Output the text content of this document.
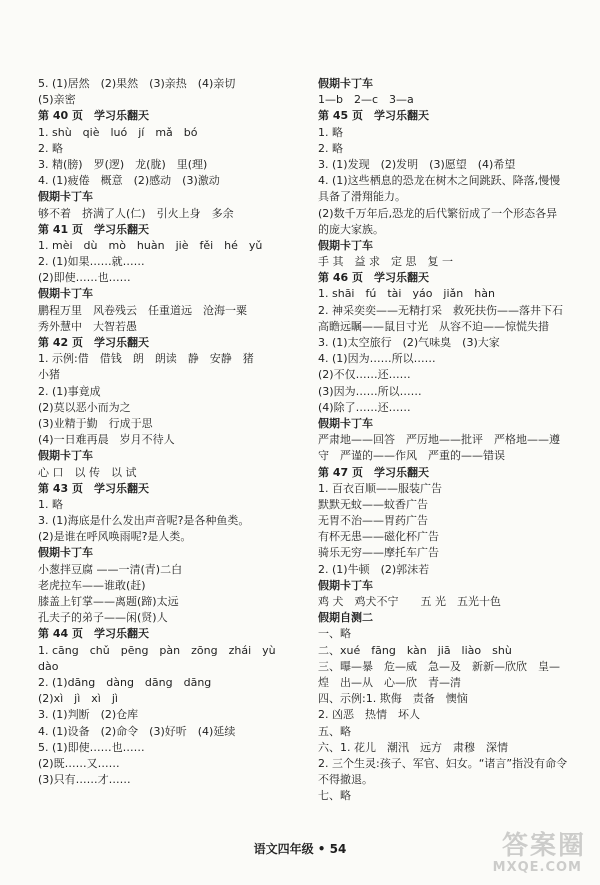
5. (1)居然　(2)果然　(3)亲热　(4)亲切
(5)亲密
第 40 页　学习乐翻天
1. shù　qiè　luó　jí　mǎ　bó
2. 略
3. 精(膀)　罗(逻)　龙(胧)　里(理)
4. (1)疲倦　概意　(2)感动　(3)激动
假期卡丁车
够不着　挤满了人(仁)　引火上身　多余
第 41 页　学习乐翻天
1. mèi　dù　mò　huàn　jiè　fěi　hé　yǔ
2. (1)如果……就……
(2)即使……也……
假期卡丁车
鹏程万里　风卷残云　任重道远　沧海一粟
秀外慧中　大智若愚
第 42 页　学习乐翻天
1. 示例:借　借钱　朗　朗读　静　安静　猪
小猪
2. (1)事竟成
(2)莫以恶小而为之
(3)业精于勤　行成于思
(4)一日难再晨　岁月不待人
假期卡丁车
心 口　以 传　以 试
第 43 页　学习乐翻天
1. 略
3. (1)海底是什么发出声音呢?是各种鱼类。
(2)是谁在呼风唤雨呢?是人类。
假期卡丁车
小葱拌豆腐 ——一清(青)二白
老虎拉车——谁敢(赶)
膝盖上钉掌——离题(蹄)太远
孔夫子的弟子——闲(贤)人
第 44 页　学习乐翻天
1. cāng　chǔ　pēng　pàn　zōng　zhái　yù
dào
2. (1)dāng　dàng　dāng　dāng
(2)xì　jì　xì　jì
3. (1)判断　(2)仓库
4. (1)设备　(2)命令　(3)好听　(4)延续
5. (1)即使……也……
(2)既……又……
(3)只有……才……
假期卡丁车
1—b　2—c　3—a
第 45 页　学习乐翻天
1. 略
2. 略
3. (1)发现　(2)发明　(3)愿望　(4)希望
4. (1)这些栖息的恐龙在树木之间跳跃、降落,慢慢
具备了滑翔能力。
(2)数千万年后,恐龙的后代繁衍成了一个形态各异
的庞大家族。
假期卡丁车
手 其　益 求　定 思　复 一
第 46 页　学习乐翻天
1. shāi　fú　tài　yáo　jiǎn　hàn
2. 神采奕奕——无精打采　救死扶伤——落井下石
高瞻远瞩——鼠目寸光　从容不迫——惊慌失措
3. (1)太空旅行　(2)气味臭　(3)大家
4. (1)因为……所以……
(2)不仅……还……
(3)因为……所以……
(4)除了……还……
假期卡丁车
严肃地——回答　严厉地——批评　严格地——遵
守　严谨的——作风　严重的——错误
第 47 页　学习乐翻天
1. 百衣百顺——服装广告
默默无蚊——蚊香广告
无胃不治——胃药广告
有杯无患——磁化杯广告
骑乐无穷——摩托车广告
2. (1)牛顿　(2)郭沫若
假期卡丁车
鸡 犬　鸡犬不宁　　五 光　五光十色
假期自测二
一、略
二、xué　fāng　kàn　jiā　liào　shù
三、曝—暴　危—威　急—及　新新—欣欣　皇—
煌　出—从　心—欣　青—清
四、示例:1. 欺侮　责备　懊恼
2. 凶恶　热情　坏人
五、略
六、1. 花儿　潮汛　远方　肃穆　深情
2. 三个生灵:孩子、军官、妇女。“诸言”指没有命令
不得撤退。
七、略
语文四年级 • 54	答案圈
MXQE.COM
